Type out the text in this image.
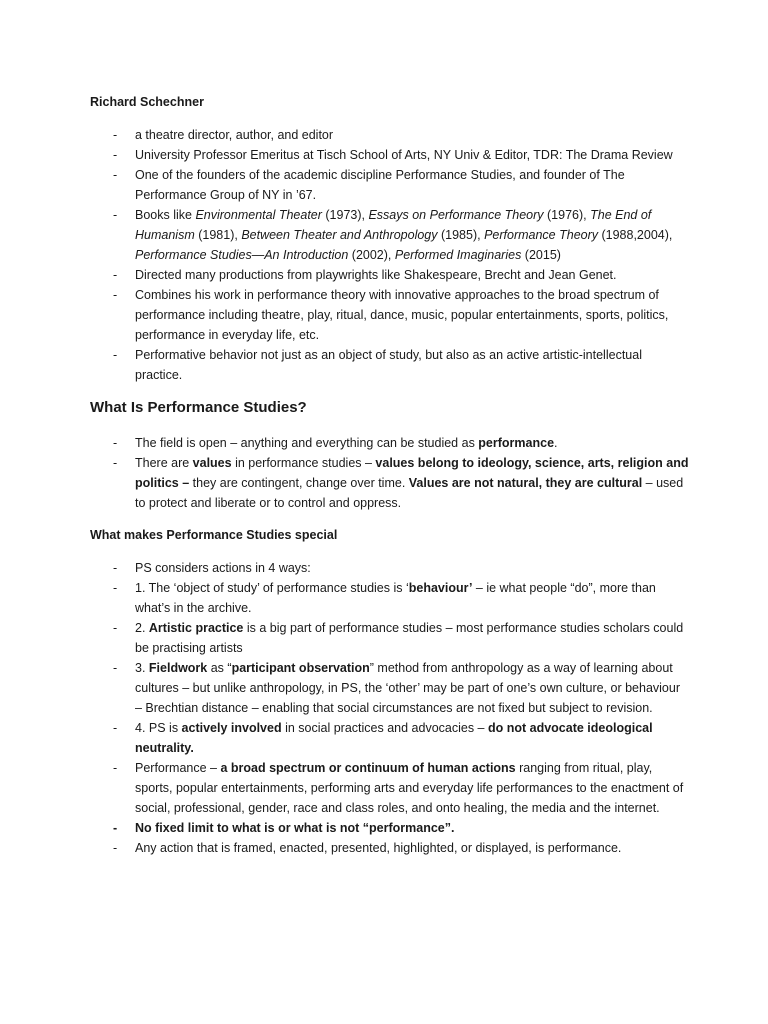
Richard Schechner
- a theatre director, author, and editor
- University Professor Emeritus at Tisch School of Arts, NY Univ & Editor, TDR: The Drama Review
- One of the founders of the academic discipline Performance Studies, and founder of The Performance Group of NY in ’67.
- Books like Environmental Theater (1973), Essays on Performance Theory (1976), The End of Humanism (1981), Between Theater and Anthropology (1985), Performance Theory (1988,2004), Performance Studies—An Introduction (2002), Performed Imaginaries (2015)
- Directed many productions from playwrights like Shakespeare, Brecht and Jean Genet.
- Combines his work in performance theory with innovative approaches to the broad spectrum of performance including theatre, play, ritual, dance, music, popular entertainments, sports, politics, performance in everyday life, etc.
- Performative behavior not just as an object of study, but also as an active artistic-intellectual practice.
What Is Performance Studies?
- The field is open – anything and everything can be studied as performance.
- There are values in performance studies – values belong to ideology, science, arts, religion and politics – they are contingent, change over time. Values are not natural, they are cultural – used to protect and liberate or to control and oppress.
What makes Performance Studies special
- PS considers actions in 4 ways:
- 1. The ‘object of study’ of performance studies is ‘behaviour’ – ie what people “do”, more than what’s in the archive.
- 2. Artistic practice is a big part of performance studies – most performance studies scholars could be practising artists
- 3. Fieldwork as “participant observation” method from anthropology as a way of learning about cultures – but unlike anthropology, in PS, the ‘other’ may be part of one’s own culture, or behaviour – Brechtian distance – enabling that social circumstances are not fixed but subject to revision.
- 4. PS is actively involved in social practices and advocacies – do not advocate ideological neutrality.
- Performance – a broad spectrum or continuum of human actions ranging from ritual, play, sports, popular entertainments, performing arts and everyday life performances to the enactment of social, professional, gender, race and class roles, and onto healing, the media and the internet.
- No fixed limit to what is or what is not “performance”.
- Any action that is framed, enacted, presented, highlighted, or displayed, is performance.
